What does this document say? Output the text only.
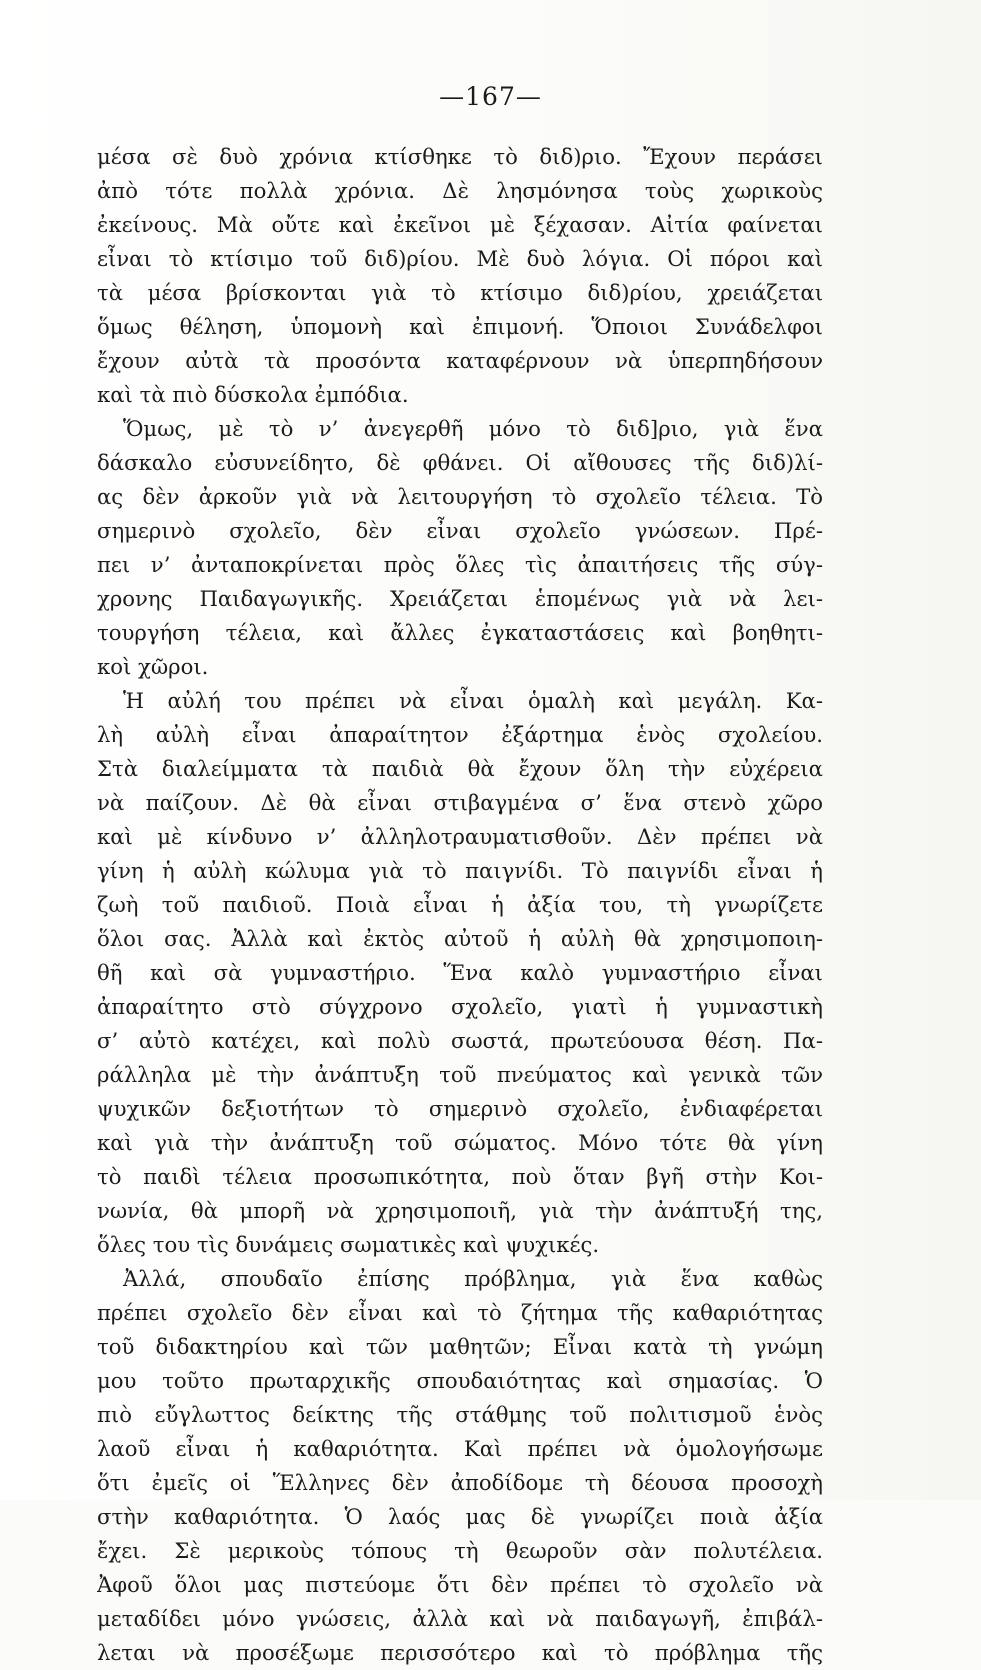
—167—
μέσα σὲ δυὸ χρόνια κτίσθηκε τὸ διδ)ριο. Ἔχουν περάσει
ἀπὸ τότε πολλὰ χρόνια. Δὲ λησμόνησα τοὺς χωρικοὺς
ἐκείνους. Μὰ οὔτε καὶ ἐκεῖνοι μὲ ξέχασαν. Αἰτία φαίνεται
εἶναι τὸ κτίσιμο τοῦ διδ)ρίου. Μὲ δυὸ λόγια. Οἱ πόροι καὶ
τὰ μέσα βρίσκονται γιὰ τὸ κτίσιμο διδ)ρίου, χρειάζεται
ὅμως θέληση, ὑπομονὴ καὶ ἐπιμονή. Ὅποιοι Συνάδελφοι
ἔχουν αὐτὰ τὰ προσόντα καταφέρνουν νὰ ὑπερπηδήσουν
καὶ τὰ πιὸ δύσκολα ἐμπόδια.
Ὅμως, μὲ τὸ ν’ ἀνεγερθῆ μόνο τὸ διδ]ριο, γιὰ ἕνα
δάσκαλο εὐσυνείδητο, δὲ φθάνει. Οἱ αἴθουσες τῆς διδ)λί-
ας δὲν ἀρκοῦν γιὰ νὰ λειτουργήση τὸ σχολεῖο τέλεια. Τὸ
σημερινὸ σχολεῖο, δὲν εἶναι σχολεῖο γνώσεων. Πρέ-
πει ν’ ἀνταποκρίνεται πρὸς ὅλες τὶς ἀπαιτήσεις τῆς σύγ-
χρονης Παιδαγωγικῆς. Χρειάζεται ἑπομένως γιὰ νὰ λει-
τουργήση τέλεια, καὶ ἄλλες ἐγκαταστάσεις καὶ βοηθητι-
κοὶ χῶροι.
Ἡ αὐλή του πρέπει νὰ εἶναι ὁμαλὴ καὶ μεγάλη. Κα-
λὴ αὐλὴ εἶναι ἀπαραίτητον ἐξάρτημα ἑνὸς σχολείου.
Στὰ διαλείμματα τὰ παιδιὰ θὰ ἔχουν ὅλη τὴν εὐχέρεια
νὰ παίζουν. Δὲ θὰ εἶναι στιβαγμένα σ’ ἕνα στενὸ χῶρο
καὶ μὲ κίνδυνο ν’ ἀλληλοτραυματισθοῦν. Δὲν πρέπει νὰ
γίνη ἡ αὐλὴ κώλυμα γιὰ τὸ παιγνίδι. Τὸ παιγνίδι εἶναι ἡ
ζωὴ τοῦ παιδιοῦ. Ποιὰ εἶναι ἡ ἀξία του, τὴ γνωρίζετε
ὅλοι σας. Ἀλλὰ καὶ ἐκτὸς αὐτοῦ ἡ αὐλὴ θὰ χρησιμοποιη-
θῆ καὶ σὰ γυμναστήριο. Ἕνα καλὸ γυμναστήριο εἶναι
ἀπαραίτητο στὸ σύγχρονο σχολεῖο, γιατὶ ἡ γυμναστικὴ
σ’ αὐτὸ κατέχει, καὶ πολὺ σωστά, πρωτεύουσα θέση. Πα-
ράλληλα μὲ τὴν ἀνάπτυξη τοῦ πνεύματος καὶ γενικὰ τῶν
ψυχικῶν δεξιοτήτων τὸ σημερινὸ σχολεῖο, ἐνδιαφέρεται
καὶ γιὰ τὴν ἀνάπτυξη τοῦ σώματος. Μόνο τότε θὰ γίνη
τὸ παιδὶ τέλεια προσωπικότητα, ποὺ ὅταν βγῆ στὴν Κοι-
νωνία, θὰ μπορῆ νὰ χρησιμοποιῆ, γιὰ τὴν ἀνάπτυξή της,
ὅλες του τὶς δυνάμεις σωματικὲς καὶ ψυχικές.
Ἀλλά, σπουδαῖο ἐπίσης πρόβλημα, γιὰ ἕνα καθὼς
πρέπει σχολεῖο δὲν εἶναι καὶ τὸ ζήτημα τῆς καθαριότητας
τοῦ διδακτηρίου καὶ τῶν μαθητῶν; Εἶναι κατὰ τὴ γνώμη
μου τοῦτο πρωταρχικῆς σπουδαιότητας καὶ σημασίας. Ὁ
πιὸ εὔγλωττος δείκτης τῆς στάθμης τοῦ πολιτισμοῦ ἑνὸς
λαοῦ εἶναι ἡ καθαριότητα. Καὶ πρέπει νὰ ὁμολογήσωμε
ὅτι ἐμεῖς οἱ Ἕλληνες δὲν ἀποδίδομε τὴ δέουσα προσοχὴ
στὴν καθαριότητα. Ὁ λαός μας δὲ γνωρίζει ποιὰ ἀξία
ἔχει. Σὲ μερικοὺς τόπους τὴ θεωροῦν σὰν πολυτέλεια.
Ἀφοῦ ὅλοι μας πιστεύομε ὅτι δὲν πρέπει τὸ σχολεῖο νὰ
μεταδίδει μόνο γνώσεις, ἀλλὰ καὶ νὰ παιδαγωγῆ, ἐπιβάλ-
λεται νὰ προσέξωμε περισσότερο καὶ τὸ πρόβλημα τῆς
